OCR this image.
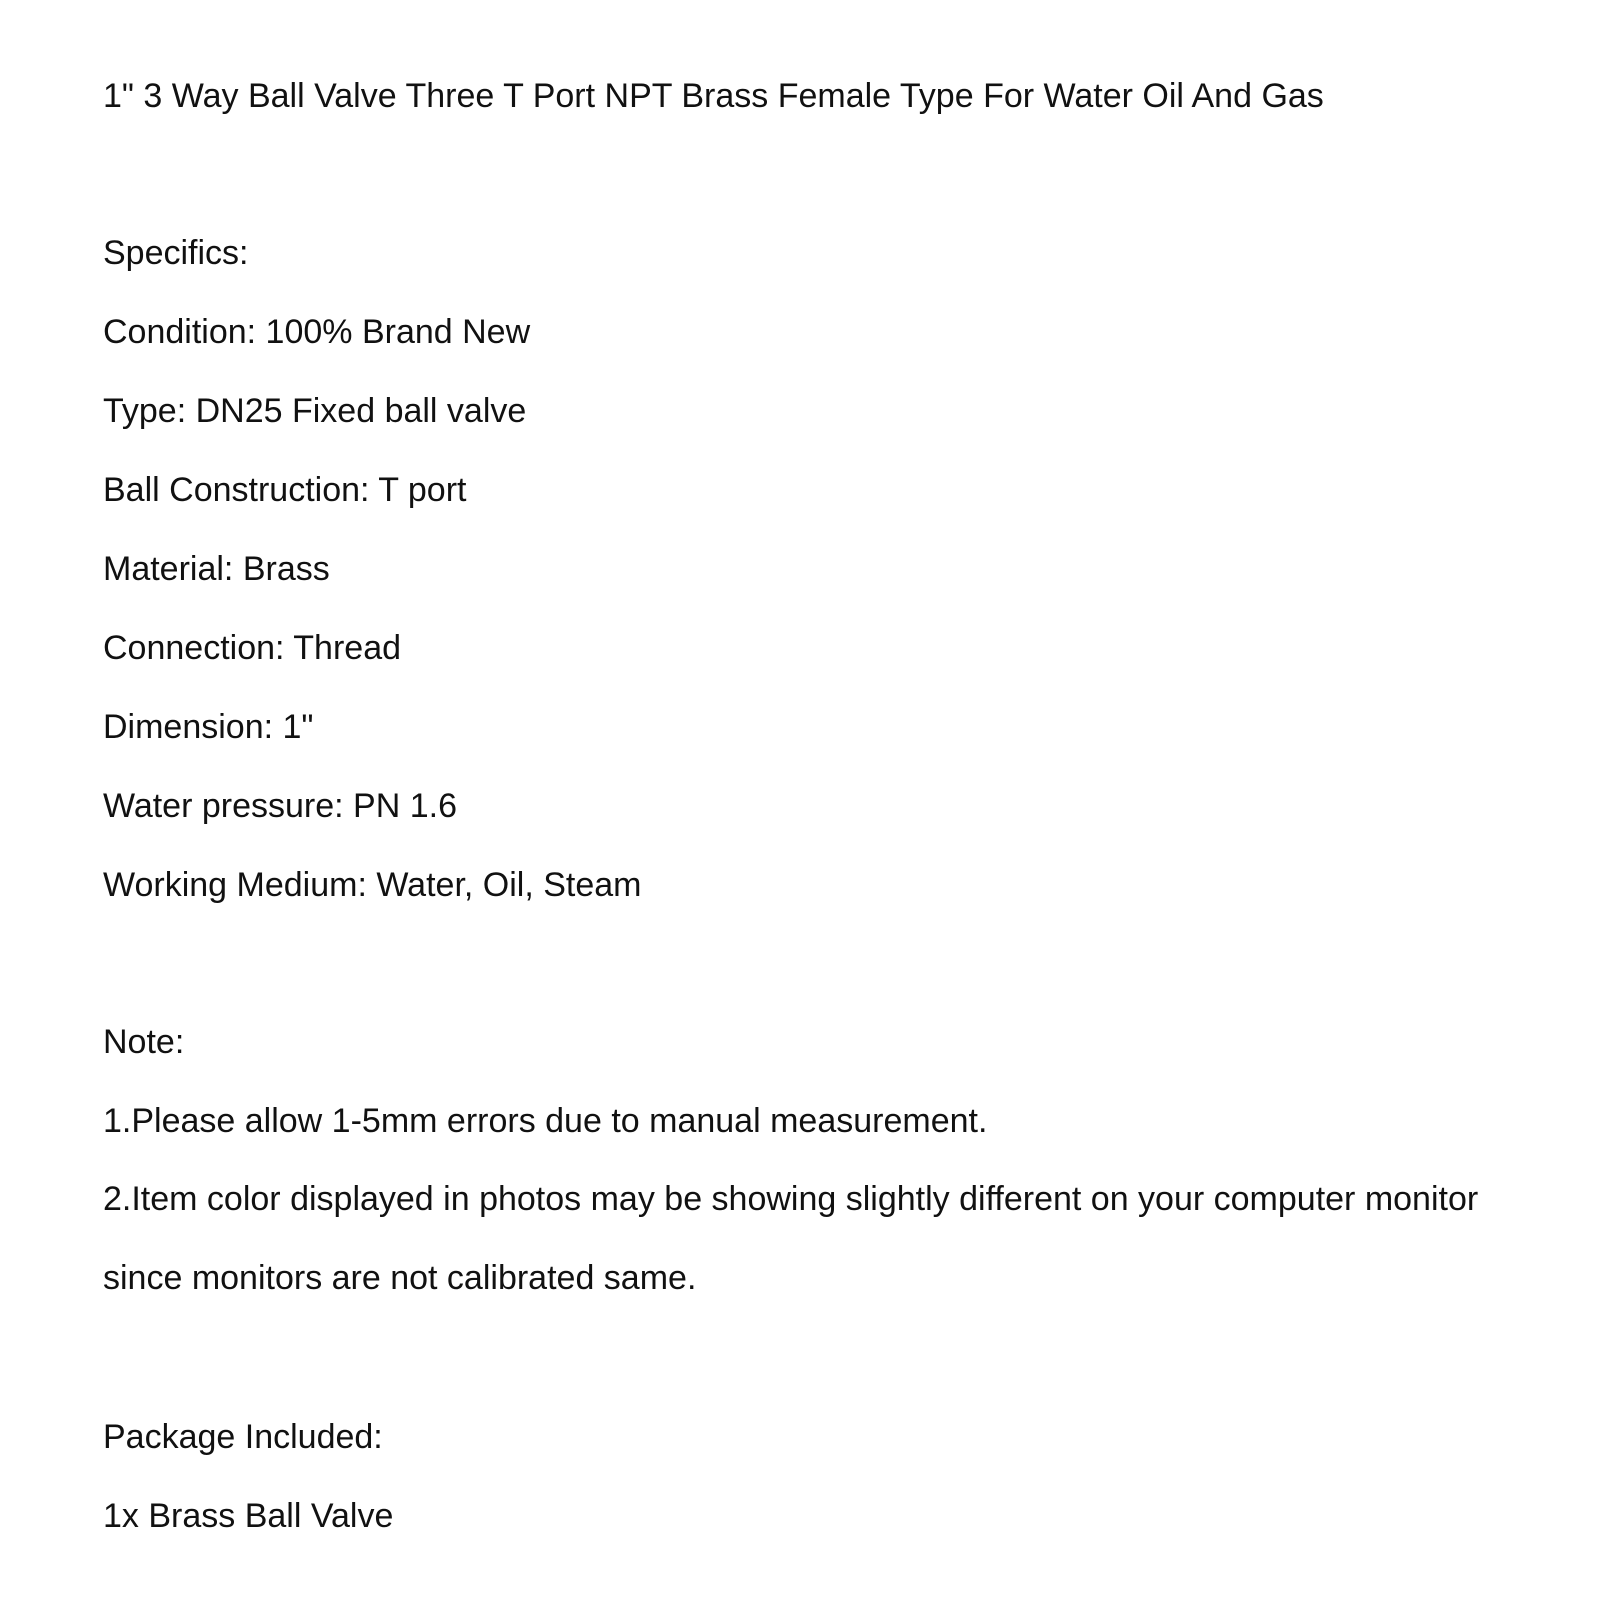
1" 3 Way Ball Valve Three T Port NPT Brass Female Type For Water Oil And Gas
Specifics:
Condition: 100% Brand New
Type: DN25 Fixed ball valve
Ball Construction: T port
Material: Brass
Connection: Thread
Dimension: 1"
Water pressure: PN 1.6
Working Medium: Water, Oil, Steam
Note:
1.Please allow 1-5mm errors due to manual measurement.
2.Item color displayed in photos may be showing slightly different on your computer monitor since monitors are not calibrated same.
Package Included:
1x Brass Ball Valve
